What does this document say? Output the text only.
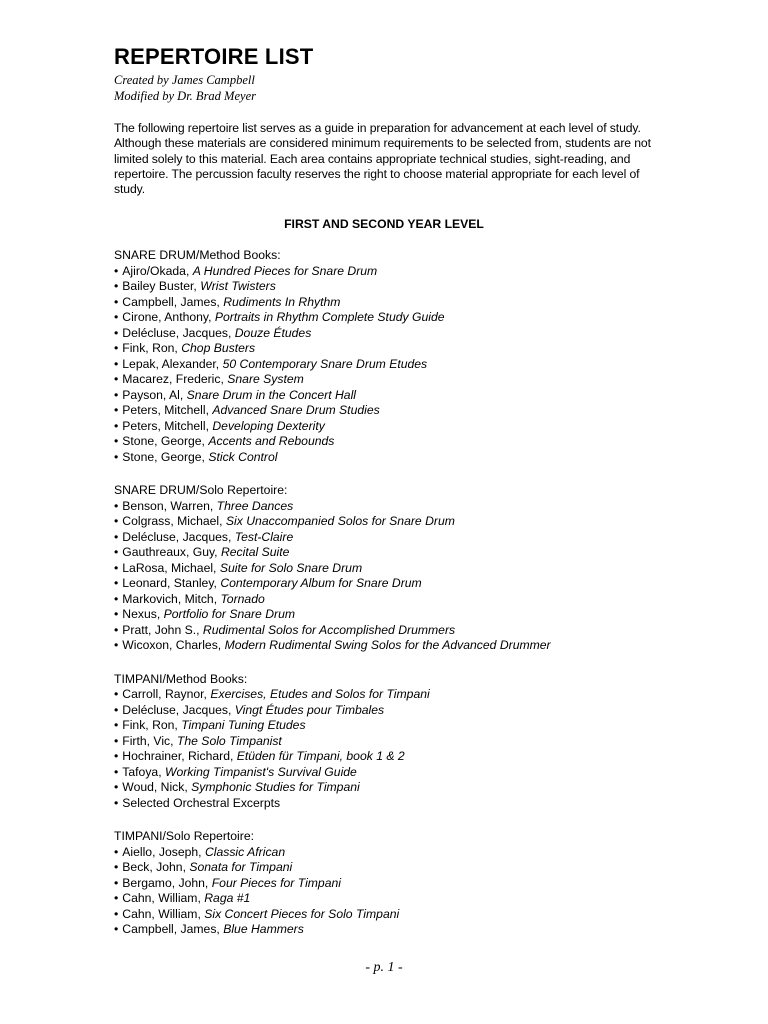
REPERTOIRE LIST

Created by James Campbell

Modified by Dr. Brad Meyer

The following repertoire list serves as a guide in preparation for advancement at each level of study. Although these materials are considered minimum requirements to be selected from, students are not limited solely to this material. Each area contains appropriate technical studies, sight-reading, and repertoire. The percussion faculty reserves the right to choose material appropriate for each level of study.

FIRST AND SECOND YEAR LEVEL

SNARE DRUM/Method Books:

• Ajiro/Okada, A Hundred Pieces for Snare Drum
• Bailey Buster, Wrist Twisters
• Campbell, James, Rudiments In Rhythm
• Cirone, Anthony, Portraits in Rhythm Complete Study Guide
• Delécluse, Jacques, Douze Études
• Fink, Ron, Chop Busters
• Lepak, Alexander, 50 Contemporary Snare Drum Etudes
• Macarez, Frederic, Snare System
• Payson, Al, Snare Drum in the Concert Hall
• Peters, Mitchell, Advanced Snare Drum Studies
• Peters, Mitchell, Developing Dexterity
• Stone, George, Accents and Rebounds
• Stone, George, Stick Control

SNARE DRUM/Solo Repertoire:

• Benson, Warren, Three Dances
• Colgrass, Michael, Six Unaccompanied Solos for Snare Drum
• Delécluse, Jacques, Test-Claire
• Gauthreaux, Guy, Recital Suite
• LaRosa, Michael, Suite for Solo Snare Drum
• Leonard, Stanley, Contemporary Album for Snare Drum
• Markovich, Mitch, Tornado
• Nexus, Portfolio for Snare Drum
• Pratt, John S., Rudimental Solos for Accomplished Drummers
• Wicoxon, Charles, Modern Rudimental Swing Solos for the Advanced Drummer

TIMPANI/Method Books:

• Carroll, Raynor, Exercises, Etudes and Solos for Timpani
• Delécluse, Jacques, Vingt Études pour Timbales
• Fink, Ron, Timpani Tuning Etudes
• Firth, Vic, The Solo Timpanist
• Hochrainer, Richard, Etüden für Timpani, book 1 & 2
• Tafoya, Working Timpanist's Survival Guide
• Woud, Nick, Symphonic Studies for Timpani
• Selected Orchestral Excerpts

TIMPANI/Solo Repertoire:

• Aiello, Joseph, Classic African
• Beck, John, Sonata for Timpani
• Bergamo, John, Four Pieces for Timpani
• Cahn, William, Raga #1
• Cahn, William, Six Concert Pieces for Solo Timpani
• Campbell, James, Blue Hammers
- p. 1 -
